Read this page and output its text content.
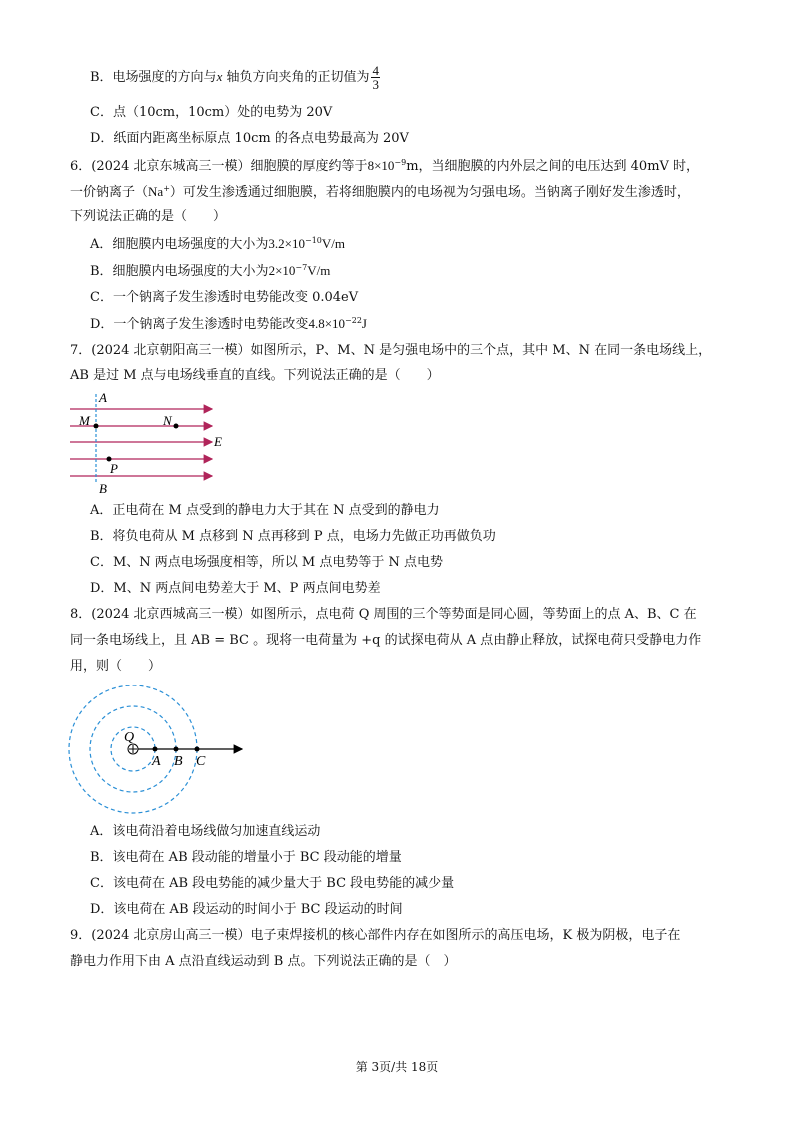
B．电场强度的方向与x 轴负方向夹角的正切值为 $\frac{4}{3}$
C．点（10cm，10cm）处的电势为 20V
D．纸面内距离坐标原点 10cm 的各点电势最高为 20V
6．(2024 北京东城高三一模）细胞膜的厚度约等于$8\times 10^{-9}m$，当细胞膜的内外层之间的电压达到 40mV 时，
一价钠离子（Na+）可发生渗透通过细胞膜，若将细胞膜内的电场视为匀强电场。当钠离子刚好发生渗透时，
下列说法正确的是（　　）
A．细胞膜内电场强度的大小为$3.2\times 10^{-10}V/m$
B．细胞膜内电场强度的大小为$2\times 10^{-7}V/m$
C．一个钠离子发生渗透时电势能改变 0.04eV
D．一个钠离子发生渗透时电势能改变$4.8\times 10^{-22}J$
7．(2024 北京朝阳高三一模）如图所示，P、M、N 是匀强电场中的三个点，其中 M、N 在同一条电场线上，
AB 是过 M 点与电场线垂直的直线。下列说法正确的是（　　）
A
M	N
E
P
B
A．正电荷在 M 点受到的静电力大于其在 N 点受到的静电力
B．将负电荷从 M 点移到 N 点再移到 P 点，电场力先做正功再做负功
C．M、N 两点电场强度相等，所以 M 点电势等于 N 点电势
D．M、N 两点间电势差大于 M、P 两点间电势差
8．(2024 北京西城高三一模）如图所示，点电荷 Q 周围的三个等势面是同心圆，等势面上的点 A、B、C 在
同一条电场线上，且 AB = BC 。现将一电荷量为 +q 的试探电荷从 A 点由静止释放，试探电荷只受静电力作
用，则（　　）
Q
A B C
A．该电荷沿着电场线做匀加速直线运动
B．该电荷在 AB 段动能的增量小于 BC 段动能的增量
C．该电荷在 AB 段电势能的减少量大于 BC 段电势能的减少量
D．该电荷在 AB 段运动的时间小于 BC 段运动的时间
9．(2024 北京房山高三一模）电子束焊接机的核心部件内存在如图所示的高压电场，K 极为阴极，电子在
静电力作用下由 A 点沿直线运动到 B 点。下列说法正确的是（　）
第 3页/共 18页
